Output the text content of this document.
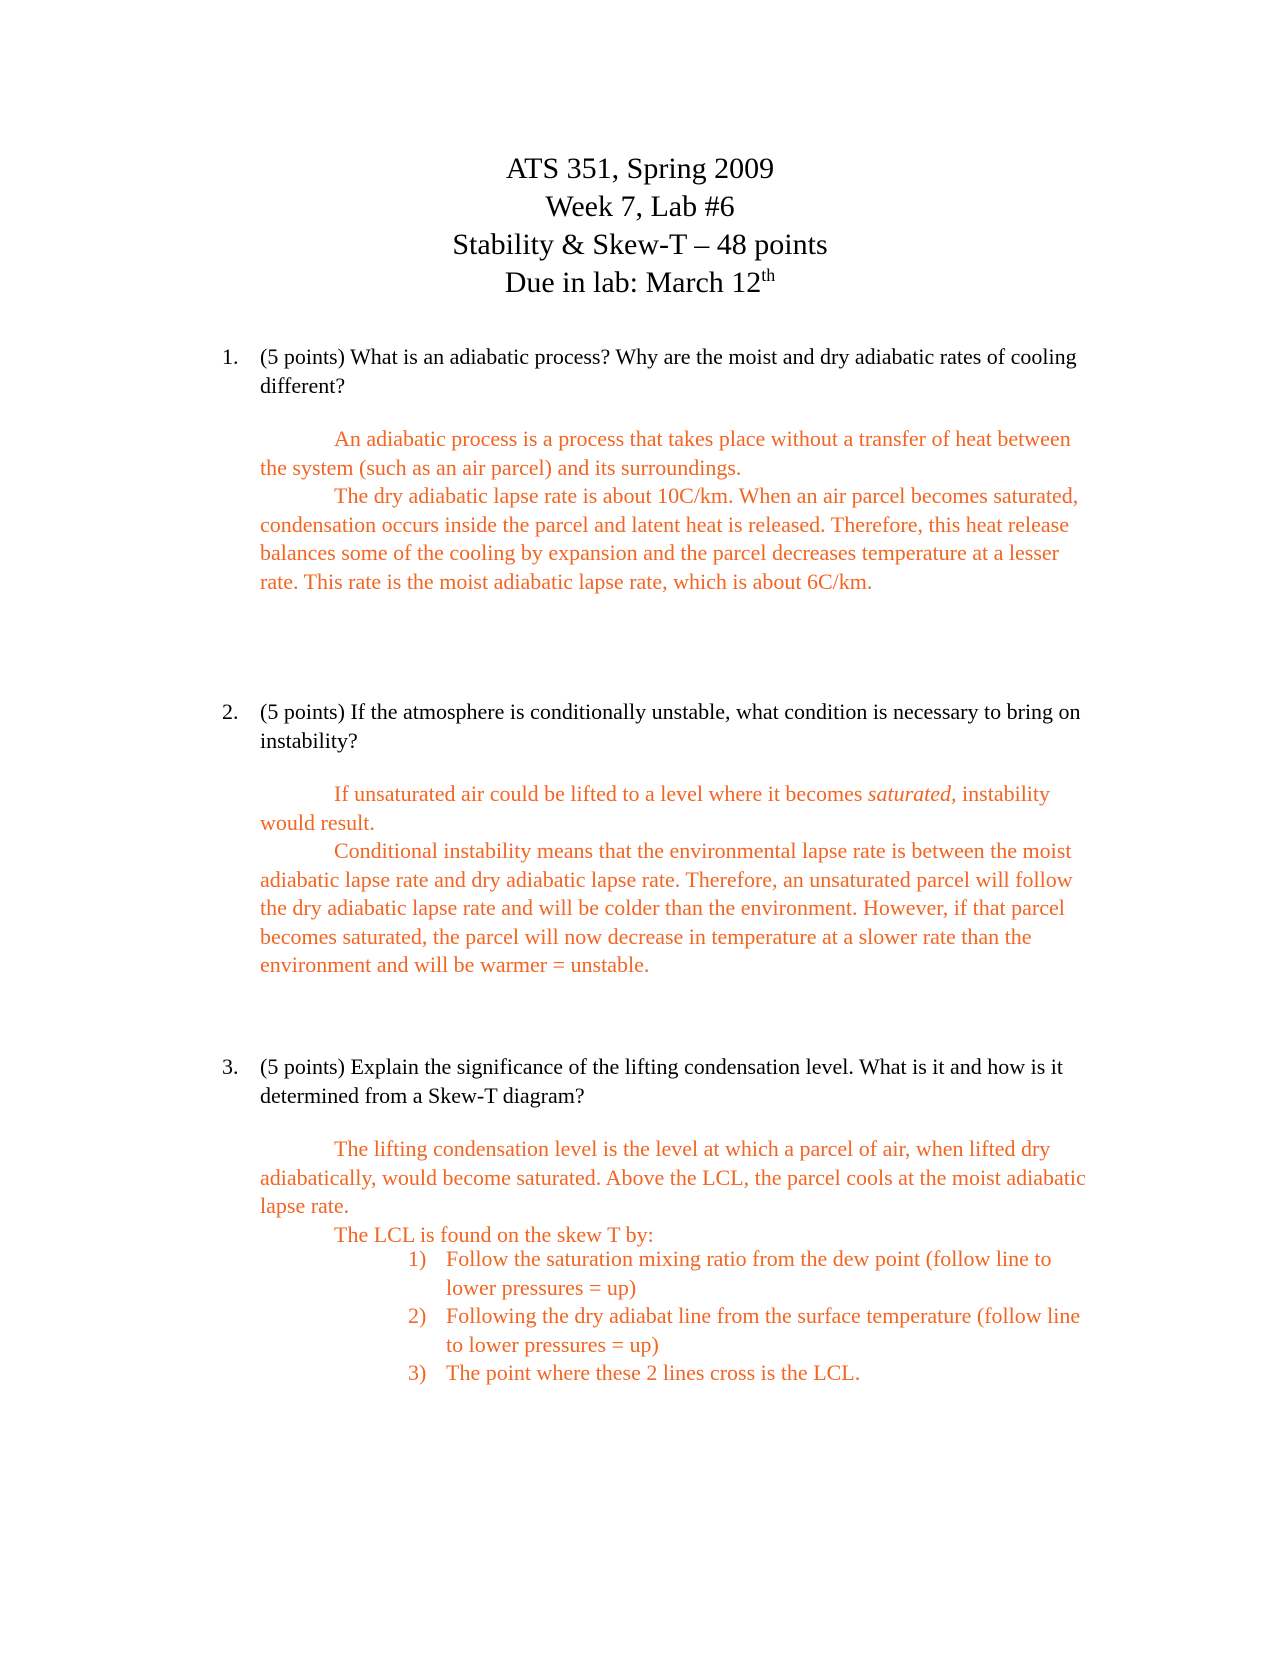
ATS 351, Spring 2009
Week 7, Lab #6
Stability & Skew-T – 48 points
Due in lab: March 12th
1. (5 points) What is an adiabatic process? Why are the moist and dry adiabatic rates of cooling different?

An adiabatic process is a process that takes place without a transfer of heat between the system (such as an air parcel) and its surroundings.

The dry adiabatic lapse rate is about 10C/km. When an air parcel becomes saturated, condensation occurs inside the parcel and latent heat is released. Therefore, this heat release balances some of the cooling by expansion and the parcel decreases temperature at a lesser rate. This rate is the moist adiabatic lapse rate, which is about 6C/km.

2. (5 points) If the atmosphere is conditionally unstable, what condition is necessary to bring on instability?

If unsaturated air could be lifted to a level where it becomes saturated, instability would result.

Conditional instability means that the environmental lapse rate is between the moist adiabatic lapse rate and dry adiabatic lapse rate. Therefore, an unsaturated parcel will follow the dry adiabatic lapse rate and will be colder than the environment. However, if that parcel becomes saturated, the parcel will now decrease in temperature at a slower rate than the environment and will be warmer = unstable.

3. (5 points) Explain the significance of the lifting condensation level. What is it and how is it determined from a Skew-T diagram?

The lifting condensation level is the level at which a parcel of air, when lifted dry adiabatically, would become saturated. Above the LCL, the parcel cools at the moist adiabatic lapse rate.

The LCL is found on the skew T by:

1) Follow the saturation mixing ratio from the dew point (follow line to lower pressures = up)
2) Following the dry adiabat line from the surface temperature (follow line to lower pressures = up)
3) The point where these 2 lines cross is the LCL.
